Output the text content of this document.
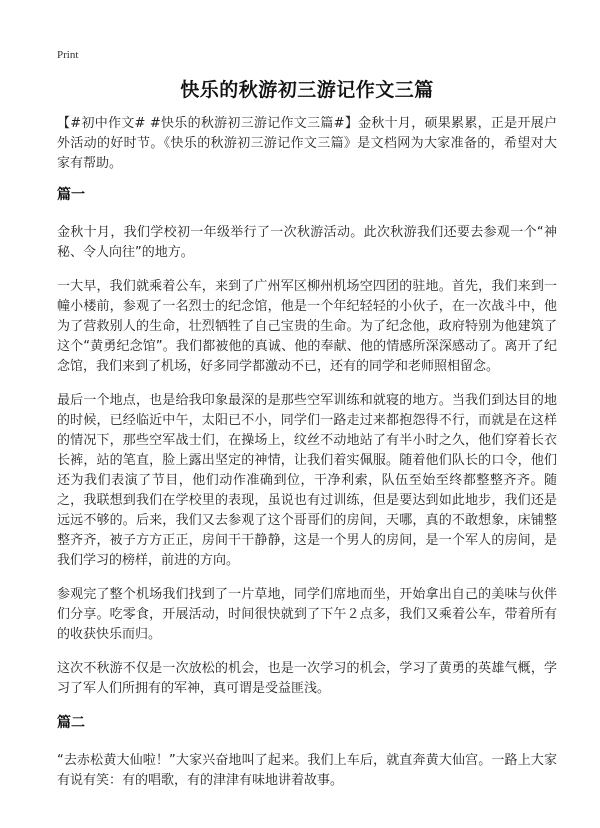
Print
快乐的秋游初三游记作文三篇

【#初中作文# #快乐的秋游初三游记作文三篇#】金秋十月，硕果累累，正是开展户外活动的好时节。《快乐的秋游初三游记作文三篇》是文档网为大家准备的，希望对大家有帮助。

篇一

金秋十月，我们学校初一年级举行了一次秋游活动。此次秋游我们还要去参观一个“神秘、令人向往”的地方。

一大早，我们就乘着公车，来到了广州军区柳州机场空四团的驻地。首先，我们来到一幢小楼前，参观了一名烈士的纪念馆，他是一个年纪轻轻的小伙子，在一次战斗中，他为了营救别人的生命，壮烈牺牲了自己宝贵的生命。为了纪念他，政府特别为他建筑了这个“黄勇纪念馆”。我们都被他的真诚、他的奉献、他的情感所深深感动了。离开了纪念馆，我们来到了机场，好多同学都激动不已，还有的同学和老师照相留念。

最后一个地点，也是给我印象最深的是那些空军训练和就寝的地方。当我们到达目的地的时候，已经临近中午，太阳已不小，同学们一路走过来都抱怨得不行，而就是在这样的情况下，那些空军战士们，在操场上，纹丝不动地站了有半小时之久，他们穿着长衣长裤，站的笔直，脸上露出坚定的神情，让我们着实佩服。随着他们队长的口令，他们还为我们表演了节目，他们动作准确到位，干净利索，队伍至始至终都整整齐齐。随之，我联想到我们在学校里的表现，虽说也有过训练，但是要达到如此地步，我们还是远远不够的。后来，我们又去参观了这个哥哥们的房间，天哪，真的不敢想象，床铺整整齐齐，被子方方正正，房间干干静静，这是一个男人的房间，是一个军人的房间，是我们学习的榜样，前进的方向。

参观完了整个机场我们找到了一片草地，同学们席地而坐，开始拿出自己的美味与伙伴们分享。吃零食，开展活动，时间很快就到了下午２点多，我们又乘着公车，带着所有的收获快乐而归。

这次不秋游不仅是一次放松的机会，也是一次学习的机会，学习了黄勇的英雄气概，学习了军人们所拥有的军神，真可谓是受益匪浅。

篇二

“去赤松黄大仙啦！”大家兴奋地叫了起来。我们上车后，就直奔黄大仙宫。一路上大家有说有笑：有的唱歌，有的津津有味地讲着故事。
